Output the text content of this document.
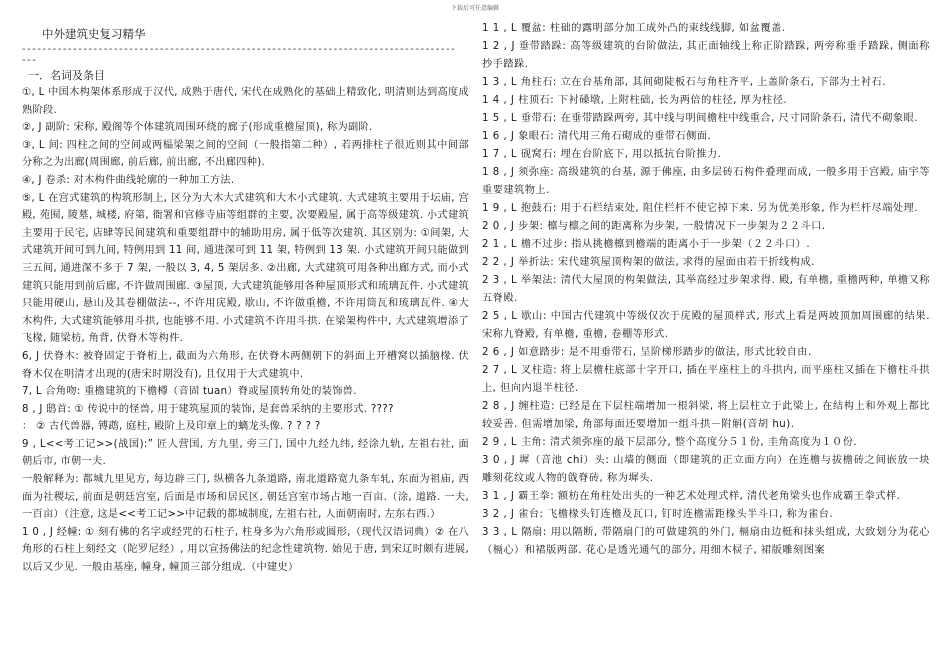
下载后可任意编辑
中外建筑史复习精华
-------------------------------------------------------------------------------------
---
一．名词及条目
①, L 中国木构架体系形成于汉代, 成熟于唐代, 宋代在成熟化的基础上精致化, 明清则达到高度成熟阶段.
②, J 副阶: 宋称, 殿阁等个体建筑周围环绕的廊子(形成重檐屋顶), 称为副阶.
③, L 间: 四柱之间的空间或两榀梁架之间的空间（一般指第二种）, 若两排柱子很近则其中间部分称之为出廊(周围廊, 前后廊, 前出廊, 不出廊四种).
④, J 卷杀: 对木构件曲线轮廓的一种加工方法.
⑤, L 在宫式建筑的构筑形制上, 区分为大木大式建筑和大木小式建筑. 大式建筑主要用于坛庙, 宫殿, 苑囿, 陵墓, 城楼, 府第, 衙署和官修寺庙等组群的主要, 次要殿屋, 属于高等级建筑. 小式建筑主要用于民宅, 店肆等民间建筑和重要组群中的辅助用房, 属于低等次建筑. 其区别为: ①间架, 大式建筑开间可到九间, 特例用到 11 间, 通进深可到 11 架, 特例到 13 架. 小式建筑开间只能做到三五间, 通进深不多于 7 架, 一般以 3, 4, 5 架居多. ②出廊, 大式建筑可用各种出廊方式, 而小式建筑只能用到前后廊, 不许做周围廊. ③屋顶, 大式建筑能够用各种屋顶形式和琉璃瓦件. 小式建筑只能用硬山, 悬山及其卷棚做法--, 不许用庑殿, 歇山, 不许做重檐, 不许用筒瓦和琉璃瓦件. ④大木构件, 大式建筑能够用斗拱, 也能够不用. 小式建筑不许用斗拱. 在梁架构件中, 大式建筑增添了飞椽, 随梁枋, 角背, 伏脊木等构件.
6, J 伏脊木: 被脊固定于脊桁上, 截面为六角形, 在伏脊木两侧朝下的斜面上开槽窝以插脑椽. 伏脊木仅在明清才出现的(唐宋时期没有), 且仅用于大式建筑中.
7, L 合角吻: 重檐建筑的下檐樽（音固 tuan）脊或屋顶转角处的装饰兽.
8 , J 鸱首: ① 传说中的怪兽, 用于建筑屋顶的装饰, 是套兽采纳的主要形式. ????
： ② 古代兽器, 镈鹉, 庭柱, 殿阶上及印章上的螭龙头像. ? ? ? ?
9 , L<<考工记>>(战国):” 匠人营国, 方九里, 旁三门, 国中九经九纬, 经涂九轨, 左祖右社, 面朝后市, 市朝一夫.
一般解释为: 都城九里见方, 每边辟三门, 纵横各九条道路, 南北道路宽九条车轧, 东面为祖庙, 西面为社稷坛, 前面是朝廷宫室, 后面是市场和居民区, 朝廷宫室市场占地一百亩.（涂, 道路. 一夫, 一百亩）（注意, 这是<<考工记>>中记载的都城制度, 左祖右社, 人面朝南时, 左东右西.）
1 0 , J 经幢: ① 刻有佛的名字或经咒的石柱子, 柱身多为六角形或圆形,（现代汉语词典）② 在八角形的石柱上刻经文（陀罗尼经）, 用以宣扬佛法的纪念性建筑物. 始见于唐, 到宋辽时颇有进展, 以后又少见. 一般由基座, 幢身, 幢顶三部分组成.（中建史）
1 1 , L 覆盆: 柱础的露明部分加工成外凸的束线线脚, 如盆覆盖.
1 2 , J 垂带踏跺: 高等级建筑的台阶做法, 其正面轴线上称正阶踏跺, 两旁称垂手踏跺, 侧面称抄手踏跺.
1 3 , L 角柱石: 立在台基角部, 其间砌陡板石与角柱齐平, 上盖阶条石, 下部为土衬石.
1 4 , J 柱顶石: 下衬磉墩, 上附柱础, 长为两倍的柱径, 厚为柱径.
1 5 , L 垂带石: 在垂带踏跺两旁, 其中线与明间檐柱中线重合, 尺寸同阶条石, 清代不砌象眼.
1 6 , J 象眼石: 清代用三角石砌成的垂带石侧面.
1 7 , L 砚窝石: 埋在台阶底下, 用以抵抗台阶推力.
1 8 , J 须弥座: 高级建筑的台基, 源于佛座, 由多层砖石构件叠理而成, 一般多用于宫殿, 庙宇等重要建筑物上.
1 9 , L 抱鼓石: 用于石栏结束处, 阻住栏杆不使它掉下来. 另为优美形象, 作为栏杆尽端处理.
2 0 , J 步架: 檩与檩之间的距离称为步架, 一般情况下一步架为２２斗口.
2 1 , L 檐不过步: 指从挑檐檩到檐端的距离小于一步架（２２斗口）.
2 2 , J 举折法: 宋代建筑屋顶构架的做法, 求得的屋面由若干折线构成.
2 3 , L 举架法: 清代大屋顶的构架做法, 其举高经过步架求得. 殿, 有单檐, 重檐两种, 单檐又称五脊殿.
2 5 , L 歇山: 中国古代建筑中等级仅次于庑殿的屋顶样式, 形式上看是两坡顶加周围廊的结果. 宋称九脊殿, 有单檐, 重檐, 卷棚等形式.
2 6 , J 如意踏步: 是不用垂带石, 呈阶梯形踏步的做法, 形式比较自由.
2 7 , L 叉柱造: 将上层檐柱底部十字开口, 插在平座柱上的斗拱内, 而平座柱又插在下檐柱斗拱上, 但向内退半柱径.
2 8 , J 缠柱造: 已经是在下层柱端增加一根斜梁, 将上层柱立于此梁上, 在结构上和外观上都比较妥善. 但需增加梁, 角部每面还要增加一组斗拱－附斛(音胡 hu).
2 9 , L 主角: 清式须弥座的最下层部分, 整个高度分５１份, 圭角高度为１０份.
3 0 , J 墀（音池 chi）头: 山墙的侧面（即建筑的正立面方向）在连檐与拔檐砖之间嵌放一块雕刻花纹或人物的戗脊砖, 称为墀头.
3 1 , J 霸王拳: 额枋在角柱处出头的一种艺术处理式样, 清代老角梁头也作成霸王拳式样.
3 2 , J 雀台: 飞檐椽头钉连檐及瓦口, 钉时连檐需距椽头半斗口, 称为雀台.
3 3 , L 隔扇: 用以隔断, 带隔扇门的可做建筑的外门, 槅扇由边梃和抹头组成, 大致划分为花心（槅心）和裙版两部. 花心是透光通气的部分, 用细木棂子, 裙版雕刻图案
